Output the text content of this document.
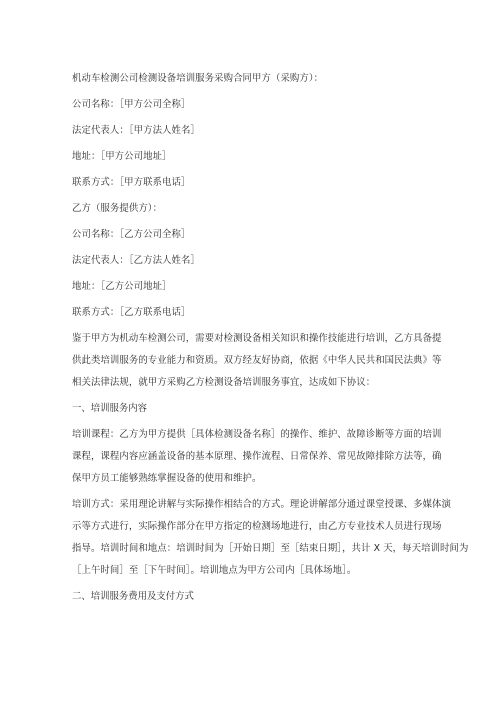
机动车检测公司检测设备培训服务采购合同甲方（采购方）：
公司名称：［甲方公司全称］
法定代表人：［甲方法人姓名］
地址：［甲方公司地址］
联系方式：［甲方联系电话］
乙方（服务提供方）：
公司名称：［乙方公司全称］
法定代表人：［乙方法人姓名］
地址：［乙方公司地址］
联系方式：［乙方联系电话］
鉴于甲方为机动车检测公司，需要对检测设备相关知识和操作技能进行培训，乙方具备提
供此类培训服务的专业能力和资质。双方经友好协商，依据《中华人民共和国民法典》等
相关法律法规，就甲方采购乙方检测设备培训服务事宜，达成如下协议：
一、培训服务内容
培训课程：乙方为甲方提供［具体检测设备名称］的操作、维护、故障诊断等方面的培训
课程，课程内容应涵盖设备的基本原理、操作流程、日常保养、常见故障排除方法等，确
保甲方员工能够熟练掌握设备的使用和维护。
培训方式：采用理论讲解与实际操作相结合的方式。理论讲解部分通过课堂授课、多媒体演
示等方式进行，实际操作部分在甲方指定的检测场地进行，由乙方专业技术人员进行现场
指导。培训时间和地点：培训时间为［开始日期］至［结束日期］，共计 X 天，每天培训时间为
［上午时间］至［下午时间］。培训地点为甲方公司内［具体场地］。
二、培训服务费用及支付方式
